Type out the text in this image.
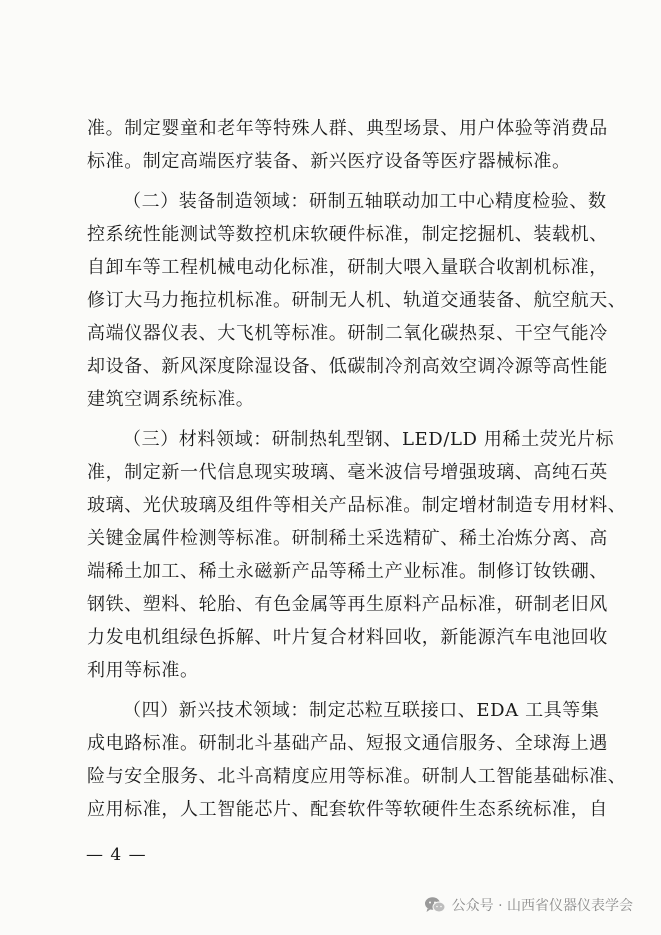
准。制定婴童和老年等特殊人群、典型场景、用户体验等消费品
标准。制定高端医疗装备、新兴医疗设备等医疗器械标准。
（二）装备制造领域：研制五轴联动加工中心精度检验、数
控系统性能测试等数控机床软硬件标准，制定挖掘机、装载机、
自卸车等工程机械电动化标准，研制大喂入量联合收割机标准，
修订大马力拖拉机标准。研制无人机、轨道交通装备、航空航天、
高端仪器仪表、大飞机等标准。研制二氧化碳热泵、干空气能冷
却设备、新风深度除湿设备、低碳制冷剂高效空调冷源等高性能
建筑空调系统标准。
（三）材料领域：研制热轧型钢、LED/LD 用稀土荧光片标
准，制定新一代信息现实玻璃、毫米波信号增强玻璃、高纯石英
玻璃、光伏玻璃及组件等相关产品标准。制定增材制造专用材料、
关键金属件检测等标准。研制稀土采选精矿、稀土冶炼分离、高
端稀土加工、稀土永磁新产品等稀土产业标准。制修订钕铁硼、
钢铁、塑料、轮胎、有色金属等再生原料产品标准，研制老旧风
力发电机组绿色拆解、叶片复合材料回收，新能源汽车电池回收
利用等标准。
（四）新兴技术领域：制定芯粒互联接口、EDA 工具等集
成电路标准。研制北斗基础产品、短报文通信服务、全球海上遇
险与安全服务、北斗高精度应用等标准。研制人工智能基础标准、
应用标准，人工智能芯片、配套软件等软硬件生态系统标准，自
— 4 —
公众号 · 山西省仪器仪表学会
